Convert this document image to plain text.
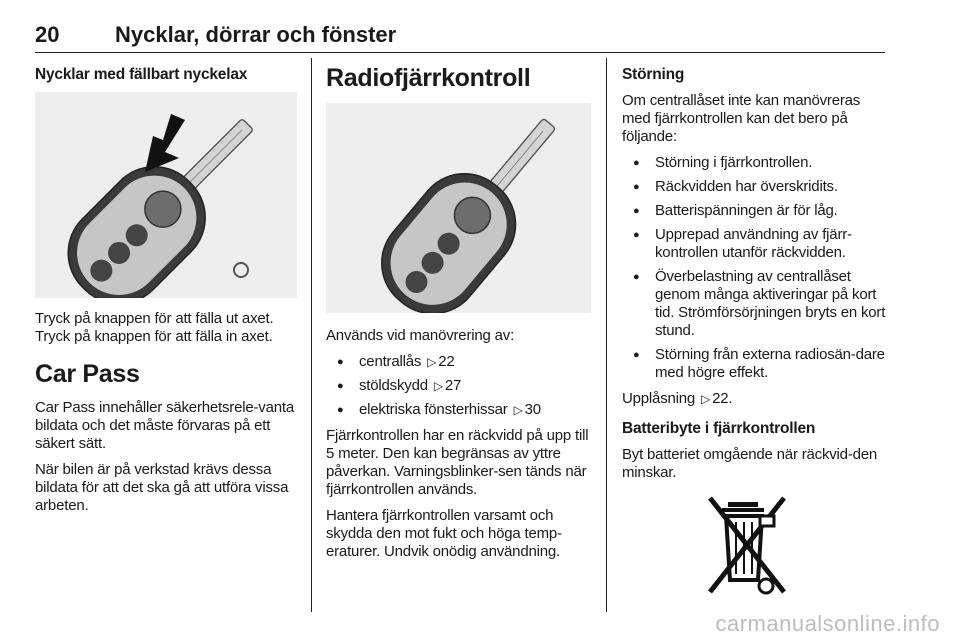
20	Nycklar, dörrar och fönster
Nycklar med fällbart nyckelax

Tryck på knappen för att fälla ut axet. Tryck på knappen för att fälla in axet.

Car Pass

Car Pass innehåller säkerhetsrele-vanta bildata och det måste förvaras på ett säkert sätt.

När bilen är på verkstad krävs dessa bildata för att det ska gå att utföra vissa arbeten.

Radiofjärrkontroll

Används vid manövrering av:

● centrallås ▷ 22
● stöldskydd ▷ 27
● elektriska fönsterhissar ▷ 30

Fjärrkontrollen har en räckvidd på upp till 5 meter. Den kan begränsas av yttre påverkan. Varningsblinker-sen tänds när fjärrkontrollen används.

Hantera fjärrkontrollen varsamt och skydda den mot fukt och höga temp-eraturer. Undvik onödig användning.

Störning

Om centrallåset inte kan manövreras med fjärrkontrollen kan det bero på följande:

● Störning i fjärrkontrollen.
● Räckvidden har överskridits.
● Batterispänningen är för låg.
● Upprepad användning av fjärr-kontrollen utanför räckvidden.
● Överbelastning av centrallåset genom många aktiveringar på kort tid. Strömförsörjningen bryts en kort stund.
● Störning från externa radiosän-dare med högre effekt.

Upplåsning ▷ 22.

Batteribyte i fjärrkontrollen

Byt batteriet omgående när räckvid-den minskar.

carmanualsonline.info
